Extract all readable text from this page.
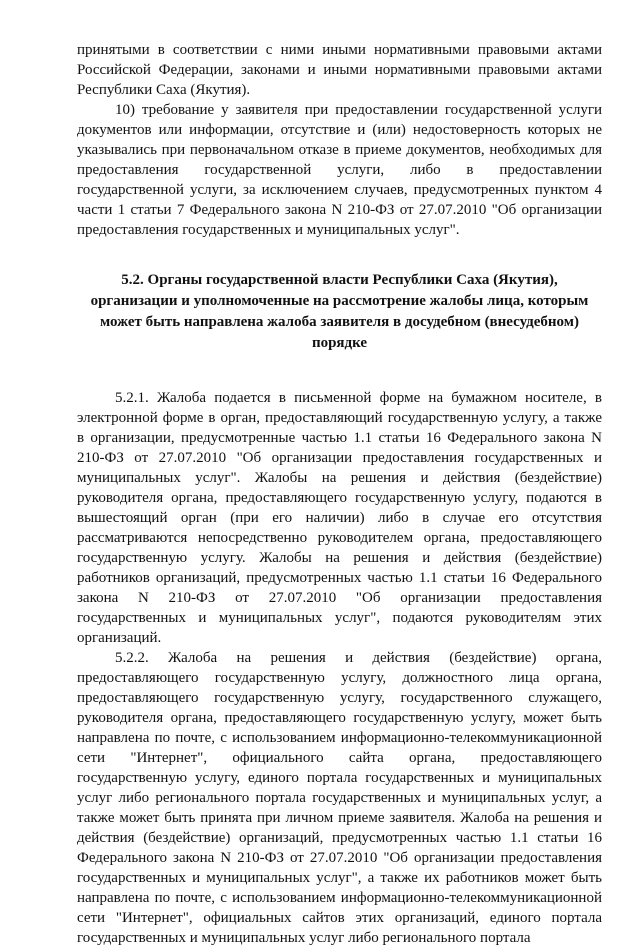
принятыми в соответствии с ними иными нормативными правовыми актами Российской Федерации, законами и иными нормативными правовыми актами Республики Саха (Якутия).

10) требование у заявителя при предоставлении государственной услуги документов или информации, отсутствие и (или) недостоверность которых не указывались при первоначальном отказе в приеме документов, необходимых для предоставления государственной услуги, либо в предоставлении государственной услуги, за исключением случаев, предусмотренных пунктом 4 части 1 статьи 7 Федерального закона N 210-ФЗ от 27.07.2010 "Об организации предоставления государственных и муниципальных услуг".

5.2. Органы государственной власти Республики Саха (Якутия),
организации и уполномоченные на рассмотрение жалобы лица, которым
может быть направлена жалоба заявителя в досудебном (внесудебном)
порядке

5.2.1. Жалоба подается в письменной форме на бумажном носителе, в электронной форме в орган, предоставляющий государственную услугу, а также в организации, предусмотренные частью 1.1 статьи 16 Федерального закона N 210-ФЗ от 27.07.2010 "Об организации предоставления государственных и муниципальных услуг". Жалобы на решения и действия (бездействие) руководителя органа, предоставляющего государственную услугу, подаются в вышестоящий орган (при его наличии) либо в случае его отсутствия рассматриваются непосредственно руководителем органа, предоставляющего государственную услугу. Жалобы на решения и действия (бездействие) работников организаций, предусмотренных частью 1.1 статьи 16 Федерального закона N 210-ФЗ от 27.07.2010 "Об организации предоставления государственных и муниципальных услуг", подаются руководителям этих организаций.

5.2.2. Жалоба на решения и действия (бездействие) органа, предоставляющего государственную услугу, должностного лица органа, предоставляющего государственную услугу, государственного служащего, руководителя органа, предоставляющего государственную услугу, может быть направлена по почте, с использованием информационно-телекоммуникационной сети "Интернет", официального сайта органа, предоставляющего государственную услугу, единого портала государственных и муниципальных услуг либо регионального портала государственных и муниципальных услуг, а также может быть принята при личном приеме заявителя. Жалоба на решения и действия (бездействие) организаций, предусмотренных частью 1.1 статьи 16 Федерального закона N 210-ФЗ от 27.07.2010 "Об организации предоставления государственных и муниципальных услуг", а также их работников может быть направлена по почте, с использованием информационно-телекоммуникационной сети "Интернет", официальных сайтов этих организаций, единого портала государственных и муниципальных услуг либо регионального портала
